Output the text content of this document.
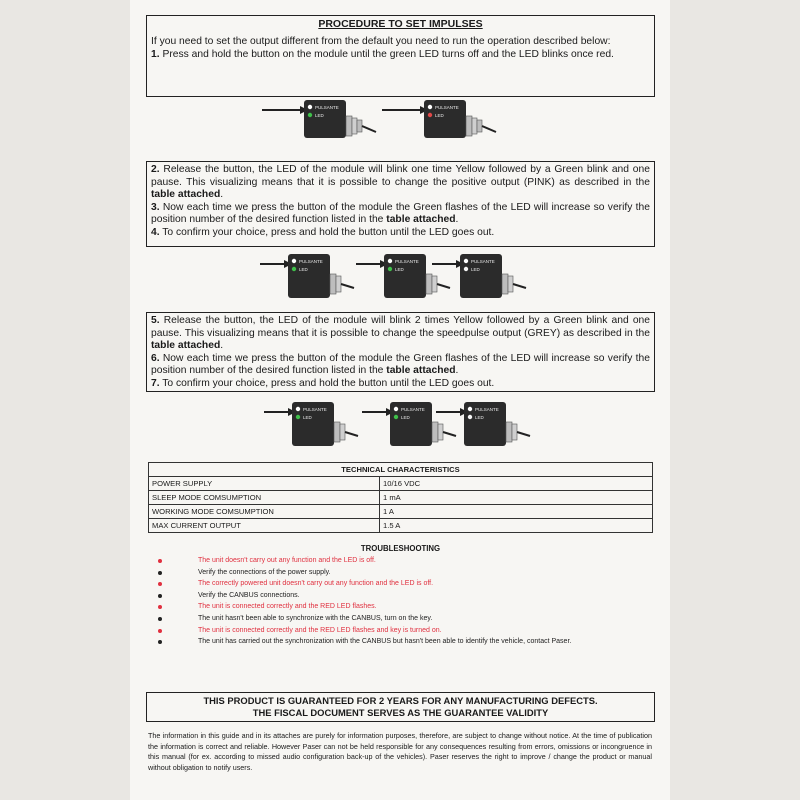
PROCEDURE TO SET IMPULSES
If you need to set the output different from the default you need to run the operation described below:
1. Press and hold the button on the module until the green LED turns off and the LED blinks once red.
PULSANTE
LED
PULSANTE
LED
2. Release the button, the LED of the module will blink one time Yellow followed by a Green blink and one pause. This visualizing means that it is possible to change the positive output (PINK) as described in the table attached.
3. Now each time we press the button of the module the Green flashes of the LED will increase so verify the position number of the desired function listed in the table attached.
4. To confirm your choice, press and hold the button until the LED goes out.
PULSANTE
LED
PULSANTE
LED
PULSANTE
LED
5. Release the button, the LED of the module will blink 2 times Yellow followed by a Green blink and one pause. This visualizing means that it is possible to change the speedpulse output (GREY) as described in the table attached.
6. Now each time we press the button of the module the Green flashes of the LED will increase so verify the position number of the desired function listed in the table attached.
7. To confirm your choice, press and hold the button until the LED goes out.
PULSANTE
LED
PULSANTE
LED
PULSANTE
LED
TECHNICAL CHARACTERISTICS	
POWER SUPPLY	10/16 VDC
SLEEP MODE COMSUMPTION	1 mA
WORKING MODE COMSUMPTION	1 A
MAX CURRENT OUTPUT	1.5 A
TROUBLESHOOTING
The unit doesn't carry out any function and the LED is off.
Verify the connections of the power supply.
The correctly powered unit doesn't carry out any function and the LED is off.
Verify the CANBUS connections.
The unit is connected correctly and the RED LED flashes.
The unit hasn't been able to synchronize with the CANBUS, turn on the key.
The unit is connected correctly and the RED LED flashes and key is turned on.
The unit has carried out the synchronization with the CANBUS but hasn't been able to identify the vehicle, contact Paser.
THIS PRODUCT IS GUARANTEED FOR 2 YEARS FOR ANY MANUFACTURING DEFECTS.
THE FISCAL DOCUMENT SERVES AS THE GUARANTEE VALIDITY
The information in this guide and in its attaches are purely for information purposes, therefore, are subject to change without notice. At the time of publication the information is correct and reliable. However Paser can not be held responsible for any consequences resulting from errors, omissions or incongruence in this manual (for ex. according to missed audio configuration back-up of the vehicles). Paser reserves the right to improve / change the product or manual without obligation to notify users.
